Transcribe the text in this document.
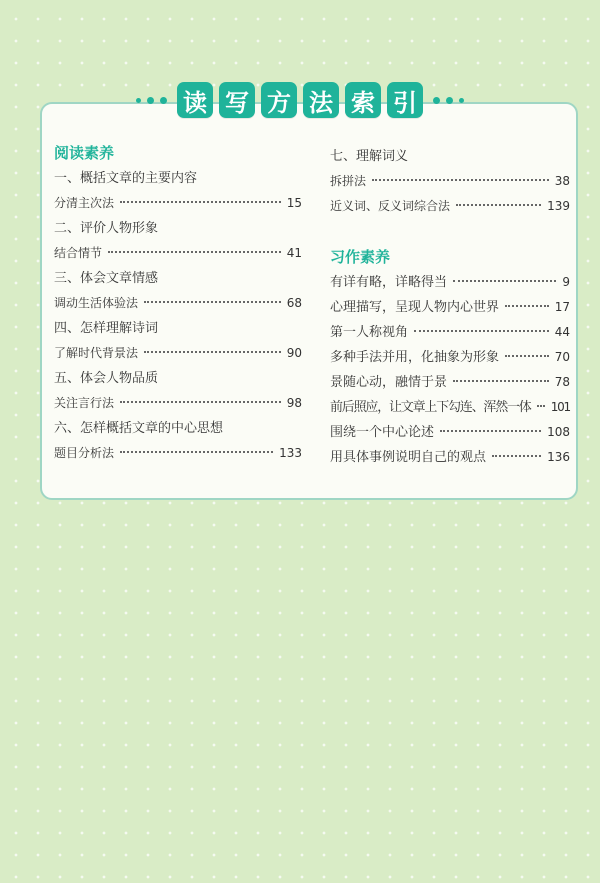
读 写 方 法 索 引
阅读素养
一、概括文章的主要内容
分清主次法	15
二、评价人物形象
结合情节	41
三、体会文章情感
调动生活体验法	68
四、怎样理解诗词
了解时代背景法	90
五、体会人物品质
关注言行法	98
六、怎样概括文章的中心思想
题目分析法	133
七、理解词义
拆拼法	38
近义词、反义词综合法	139
习作素养
有详有略，详略得当	9
心理描写，呈现人物内心世界	17
第一人称视角	44
多种手法并用，化抽象为形象	70
景随心动，融情于景	78
前后照应，让文章上下勾连、浑然一体 101
围绕一个中心论述	108
用具体事例说明自己的观点	136
